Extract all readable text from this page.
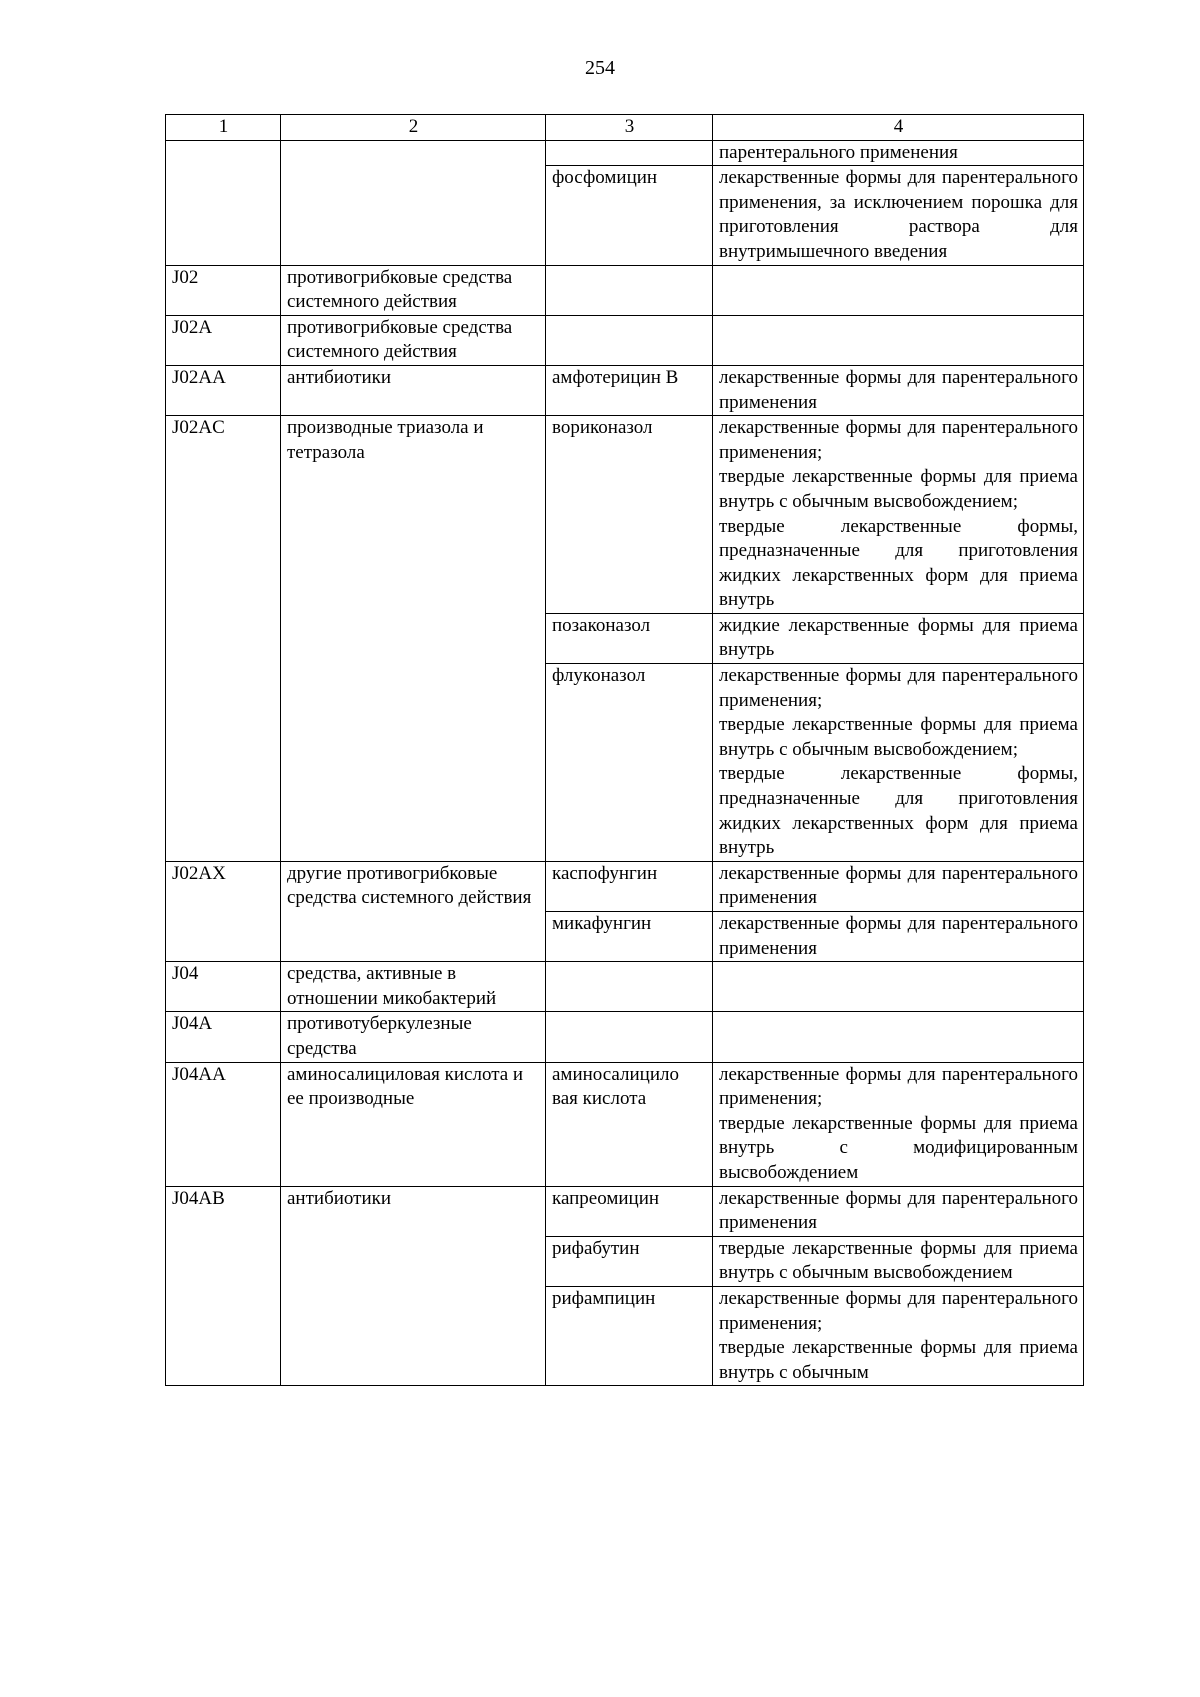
254
1	2	3	4

			парентерального применения

		фосфомицин	лекарственные формы для парентерального применения, за исключением порошка для приготовления раствора для внутримышечного введения

J02	противогрибковые средства системного действия		
J02A	противогрибковые средства системного действия		
J02AA	антибиотики	амфотерицин B	лекарственные формы для парентерального применения

J02AC	производные триазола и тетразола	вориконазол	лекарственные формы для парентерального применения;
твердые лекарственные формы для приема внутрь с обычным высвобождением;
твердые лекарственные формы, предназначенные для приготовления жидких лекарственных форм для приема внутрь

		позаконазол	жидкие лекарственные формы для приема внутрь

		флуконазол	лекарственные формы для парентерального применения;
твердые лекарственные формы для приема внутрь с обычным высвобождением;
твердые лекарственные формы, предназначенные для приготовления жидких лекарственных форм для приема внутрь

J02AX	другие противогрибковые средства системного действия	каспофунгин	лекарственные формы для парентерального применения

		микафунгин	лекарственные формы для парентерального применения

J04	средства, активные в отношении микобактерий		
J04A	противотуберкулезные средства		
J04AA	аминосалициловая кислота и ее производные	аминосалицило вая кислота	лекарственные формы для парентерального применения;
твердые лекарственные формы для приема внутрь с модифицированным высвобождением

J04AB	антибиотики	капреомицин	лекарственные формы для парентерального применения

		рифабутин	твердые лекарственные формы для приема внутрь с обычным высвобождением

		рифампицин	лекарственные формы для парентерального применения;
твердые лекарственные формы для приема внутрь с обычным
